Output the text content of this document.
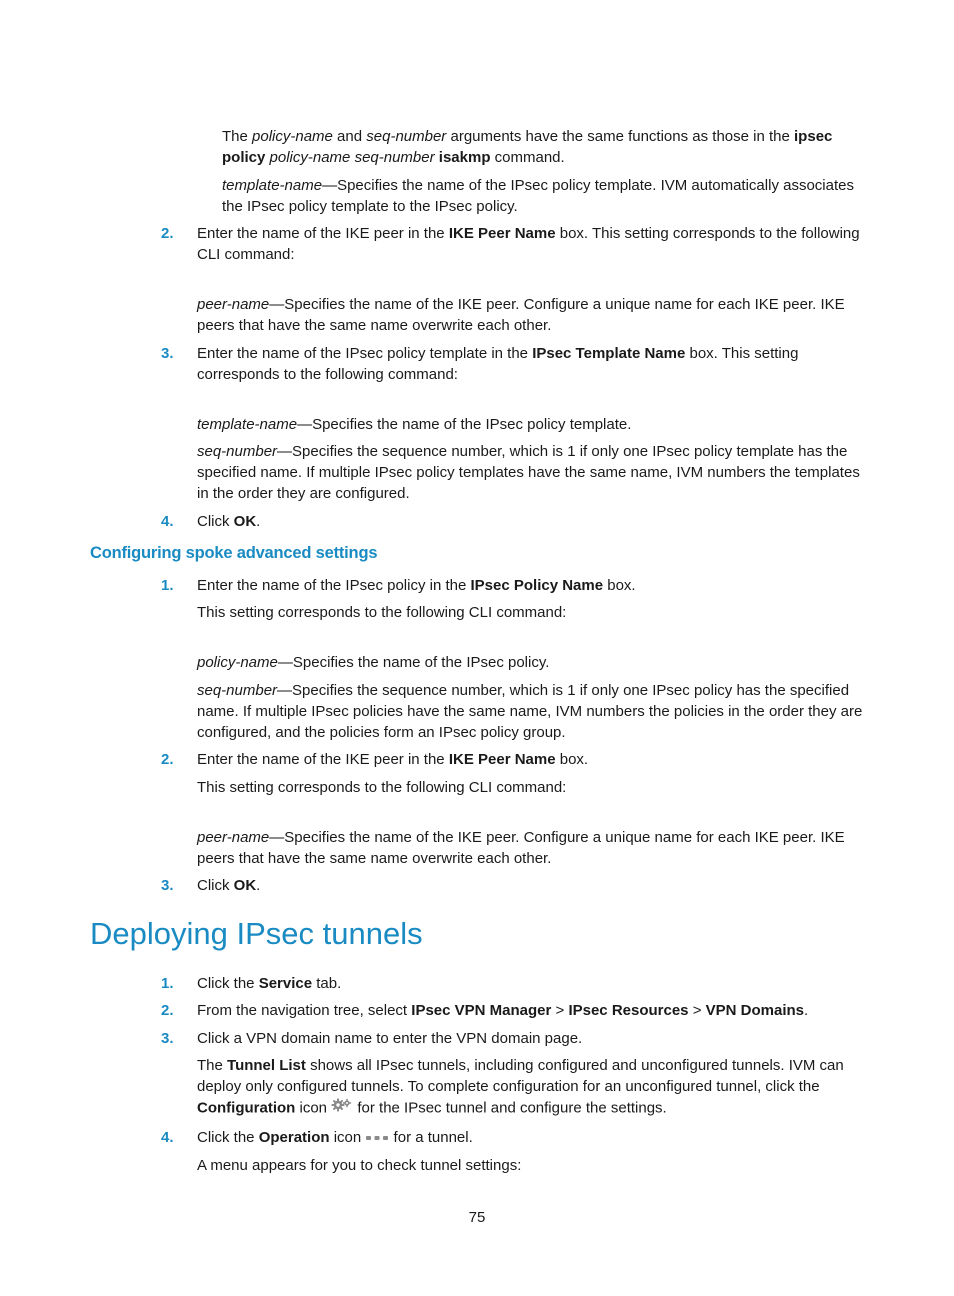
The policy-name and seq-number arguments have the same functions as those in the ipsec policy policy-name seq-number isakmp command.

template-name—Specifies the name of the IPsec policy template. IVM automatically associates the IPsec policy template to the IPsec policy.

2.	Enter the name of the IKE peer in the IKE Peer Name box. This setting corresponds to the following CLI command:

peer-name—Specifies the name of the IKE peer. Configure a unique name for each IKE peer. IKE peers that have the same name overwrite each other.

3.	Enter the name of the IPsec policy template in the IPsec Template Name box. This setting corresponds to the following command:

template-name—Specifies the name of the IPsec policy template.

seq-number—Specifies the sequence number, which is 1 if only one IPsec policy template has the specified name. If multiple IPsec policy templates have the same name, IVM numbers the templates in the order they are configured.

4.	Click OK.

Configuring spoke advanced settings
1.	Enter the name of the IPsec policy in the IPsec Policy Name box.

This setting corresponds to the following CLI command:

policy-name—Specifies the name of the IPsec policy.

seq-number—Specifies the sequence number, which is 1 if only one IPsec policy has the specified name. If multiple IPsec policies have the same name, IVM numbers the policies in the order they are configured, and the policies form an IPsec policy group.

2.	Enter the name of the IKE peer in the IKE Peer Name box.

This setting corresponds to the following CLI command:

peer-name—Specifies the name of the IKE peer. Configure a unique name for each IKE peer. IKE peers that have the same name overwrite each other.

3.	Click OK.

Deploying IPsec tunnels
1.	Click the Service tab.

2.	From the navigation tree, select IPsec VPN Manager > IPsec Resources > VPN Domains.

3.	Click a VPN domain name to enter the VPN domain page.

The Tunnel List shows all IPsec tunnels, including configured and unconfigured tunnels. IVM can deploy only configured tunnels. To complete configuration for an unconfigured tunnel, click the Configuration icon  for the IPsec tunnel and configure the settings.

4.	Click the Operation icon  for a tunnel.

A menu appears for you to check tunnel settings:

75
